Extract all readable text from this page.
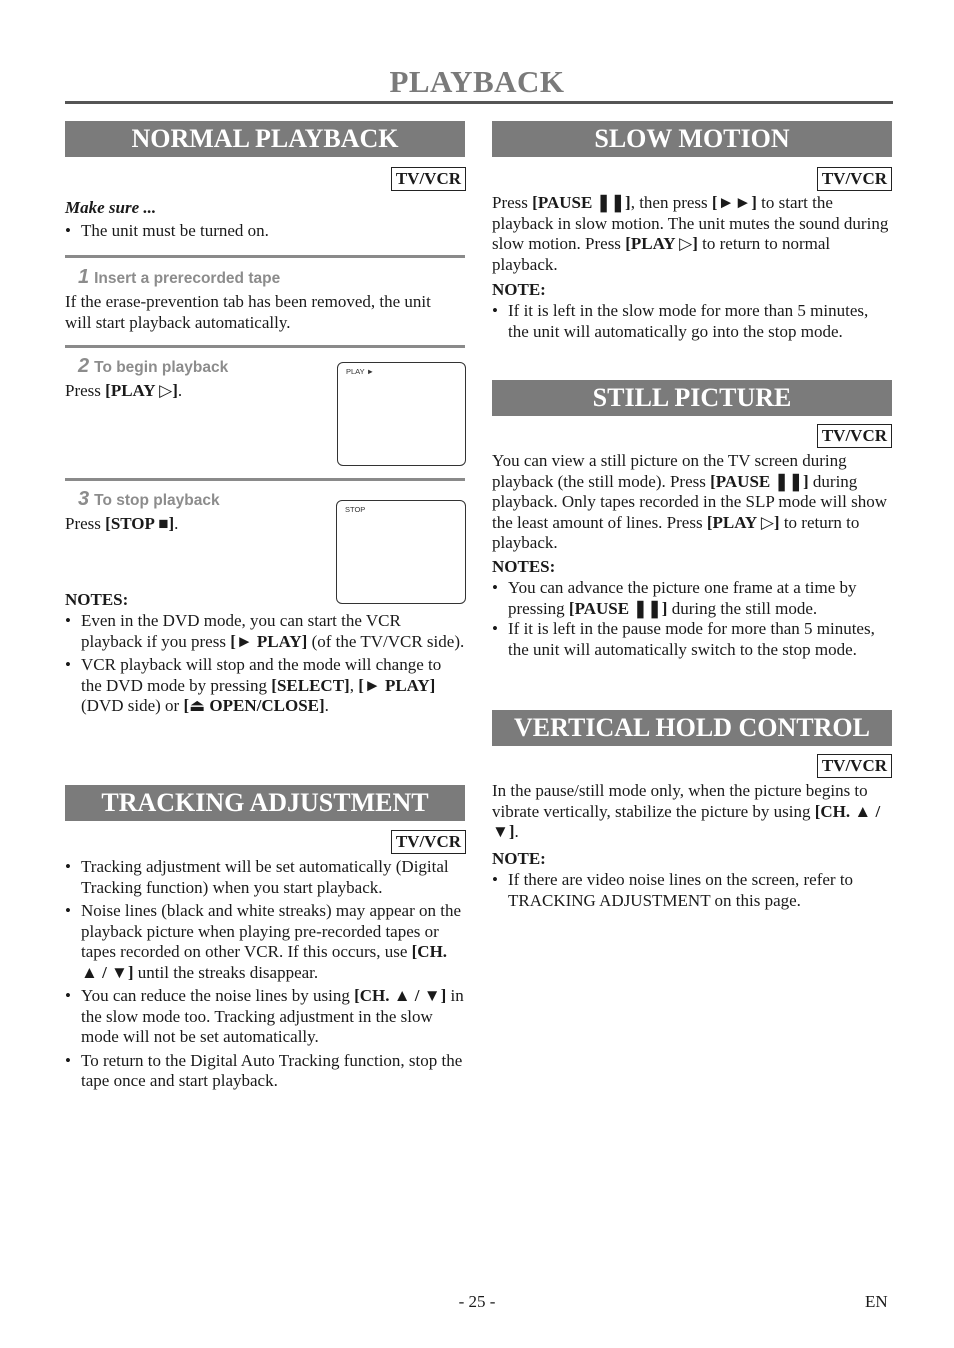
PLAYBACK
NORMAL PLAYBACK
TV/VCR
Make sure ...
• The unit must be turned on.
1 Insert a prerecorded tape
If the erase-prevention tab has been removed, the unit will start playback automatically.
2 To begin playback
Press [PLAY ▷].
PLAY ►
3 To stop playback
Press [STOP ■].
STOP
NOTES:
• Even in the DVD mode, you can start the VCR playback if you press [► PLAY] (of the TV/VCR side).
• VCR playback will stop and the mode will change to the DVD mode by pressing [SELECT], [► PLAY] (DVD side) or [⏏ OPEN/CLOSE].
TRACKING ADJUSTMENT
TV/VCR
• Tracking adjustment will be set automatically (Digital Tracking function) when you start playback.
• Noise lines (black and white streaks) may appear on the playback picture when playing pre-recorded tapes or tapes recorded on other VCR. If this occurs, use [CH. ▲ / ▼] until the streaks disappear.
• You can reduce the noise lines by using [CH. ▲ / ▼] in the slow mode too. Tracking adjustment in the slow mode will not be set automatically.
• To return to the Digital Auto Tracking function, stop the tape once and start playback.
SLOW MOTION
TV/VCR
Press [PAUSE ❚❚], then press [►►] to start the playback in slow motion. The unit mutes the sound during slow motion. Press [PLAY ▷] to return to normal playback.
NOTE:
• If it is left in the slow mode for more than 5 minutes, the unit will automatically go into the stop mode.
STILL PICTURE
TV/VCR
You can view a still picture on the TV screen during playback (the still mode). Press [PAUSE ❚❚] during playback. Only tapes recorded in the SLP mode will show the least amount of lines. Press [PLAY ▷] to return to playback.
NOTES:
• You can advance the picture one frame at a time by pressing [PAUSE ❚❚] during the still mode.
• If it is left in the pause mode for more than 5 minutes, the unit will automatically switch to the stop mode.
VERTICAL HOLD CONTROL
TV/VCR
In the pause/still mode only, when the picture begins to vibrate vertically, stabilize the picture by using [CH. ▲ / ▼].
NOTE:
• If there are video noise lines on the screen, refer to TRACKING ADJUSTMENT on this page.
- 25 -	EN
